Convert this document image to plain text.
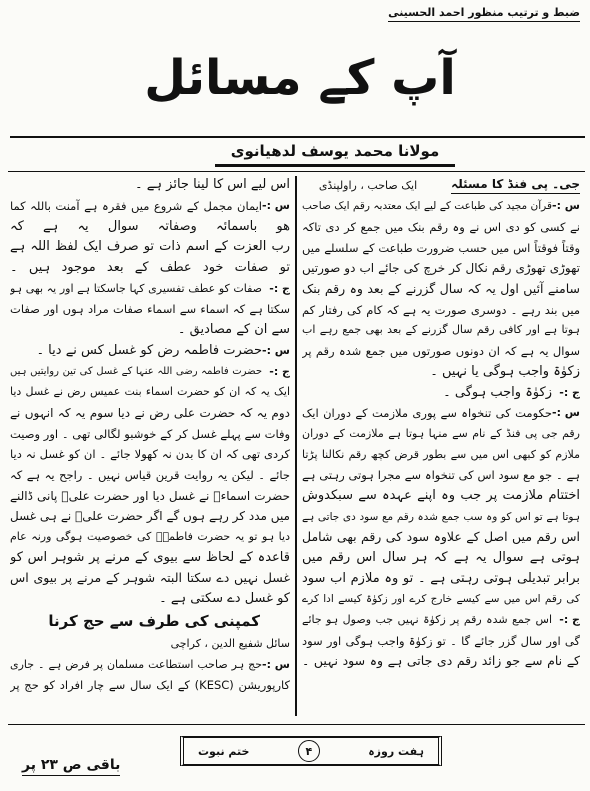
ضبط و ترتیب منظور احمد الحسینی
آپ کے مسائل
مولانا محمد یوسف لدھیانوی
جی۔ پی فنڈ کا مسئلہ
ایک صاحب ، راولپنڈی
س :-
قرآن مجید کی طباعت کے لیے ایک معتدبہ رقم ایک صاحب
نے کسی کو دی اس نے وہ رقم بنک میں جمع کر دی تاکہ
وقتاً فوقتاً اس میں حسب ضرورت طباعت کے سلسلے میں
تھوڑی تھوڑی رقم نکال کر خرچ کی جائے اب دو صورتیں
سامنے آئیں اول یہ کہ سال گزرنے کے بعد وہ رقم بنک
میں بند رہے ۔ دوسری صورت یہ ہے کہ کام کی رفتار کم
ہوتا ہے اور کافی رقم سال گزرنے کے بعد بھی جمع رہے اب
سوال یہ ہے کہ ان دونوں صورتوں میں جمع شدہ رقم پر
زکوٰۃ واجب ہوگی یا نہیں ۔
ج :-
زکوٰۃ واجب ہوگی ۔
س :-
حکومت کی تنخواہ سے پوری ملازمت کے دوران ایک
رقم جی پی فنڈ کے نام سے منہا ہوتا ہے ملازمت کے دوران
ملازم کو کبھی اس میں سے بطور قرض کچھ رقم نکالنا پڑتا
ہے ۔ جو مع سود اس کی تنخواہ سے مجرا ہوتی رہتی ہے
اختتام ملازمت پر جب وہ اپنے عہدہ سے سبکدوش
ہوتا ہے تو اس کو وہ سب جمع شدہ رقم مع سود دی جاتی ہے
اس رقم میں اصل کے علاوہ سود کی رقم بھی شامل
ہوتی ہے سوال یہ ہے کہ ہر سال اس رقم میں
برابر تبدیلی ہوتی رہتی ہے ۔ تو وہ ملازم اب سود
کی رقم اس میں سے کیسے خارج کرے اور زکوٰۃ کیسے ادا کرے
ج :-
اس جمع شدہ رقم پر زکوٰۃ نہیں جب وصول ہو جائے
گی اور سال گزر جائے گا ۔ تو زکوٰۃ واجب ہوگی اور سود
کے نام سے جو زائد رقم دی جاتی ہے وہ سود نہیں ۔
اس لیے اس کا لینا جائز ہے ۔
س :-
ایمان مجمل کے شروع میں فقرہ ہے آمنت باللہ کما
ھو باسمائہ وصفاتہ سوال یہ ہے کہ
رب العزت کے اسم ذات تو صرف ایک لفظ اللہ ہے
تو صفات خود عطف کے بعد موجود ہیں ۔
ج :-
صفات کو عطف تفسیری کہا جاسکتا ہے اور یہ بھی ہو
سکتا ہے کہ اسماء سے اسماء صفات مراد ہوں اور صفات
سے ان کے مصادیق ۔
س :-
حضرت فاطمہ رض کو غسل کس نے دیا ۔
ج :-
حضرت فاطمہ رضی اللہ عنہا کے غسل کی تین روایتیں ہیں
ایک یہ کہ ان کو حضرت اسماء بنت عمیس رض نے غسل دیا
دوم یہ کہ حضرت علی رض نے دیا سوم یہ کہ انہوں نے
وفات سے پہلے غسل کر کے خوشبو لگالی تھی ۔ اور وصیت
کردی تھی کہ ان کا بدن نہ کھولا جائے ۔ ان کو غسل نہ دیا
جائے ۔ لیکن یہ روایت قرین قیاس نہیں ۔ راجح یہ ہے کہ
حضرت اسماءؓ نے غسل دیا اور حضرت علیؓ پانی ڈالنے
میں مدد کر رہے ہوں گے اگر حضرت علیؓ نے ہی غسل
دیا ہو تو یہ حضرت فاطمہؓ کی خصوصیت ہوگی ورنہ عام
قاعدہ کے لحاظ سے بیوی کے مرنے پر شوہر اس کو
غسل نہیں دے سکتا البتہ شوہر کے مرنے پر بیوی اس
کو غسل دے سکتی ہے ۔
کمپنی کی طرف سے حج کرنا
سائل شفیع الدین ، کراچی
س :-
حج ہر صاحب استطاعت مسلمان پر فرض ہے ۔ جاری
کارپوریشن (KESC) کے ایک سال سے چار افراد کو حج پر
ہفت روزہ
۴
ختم نبوت
باقی ص ۲۳ پر
